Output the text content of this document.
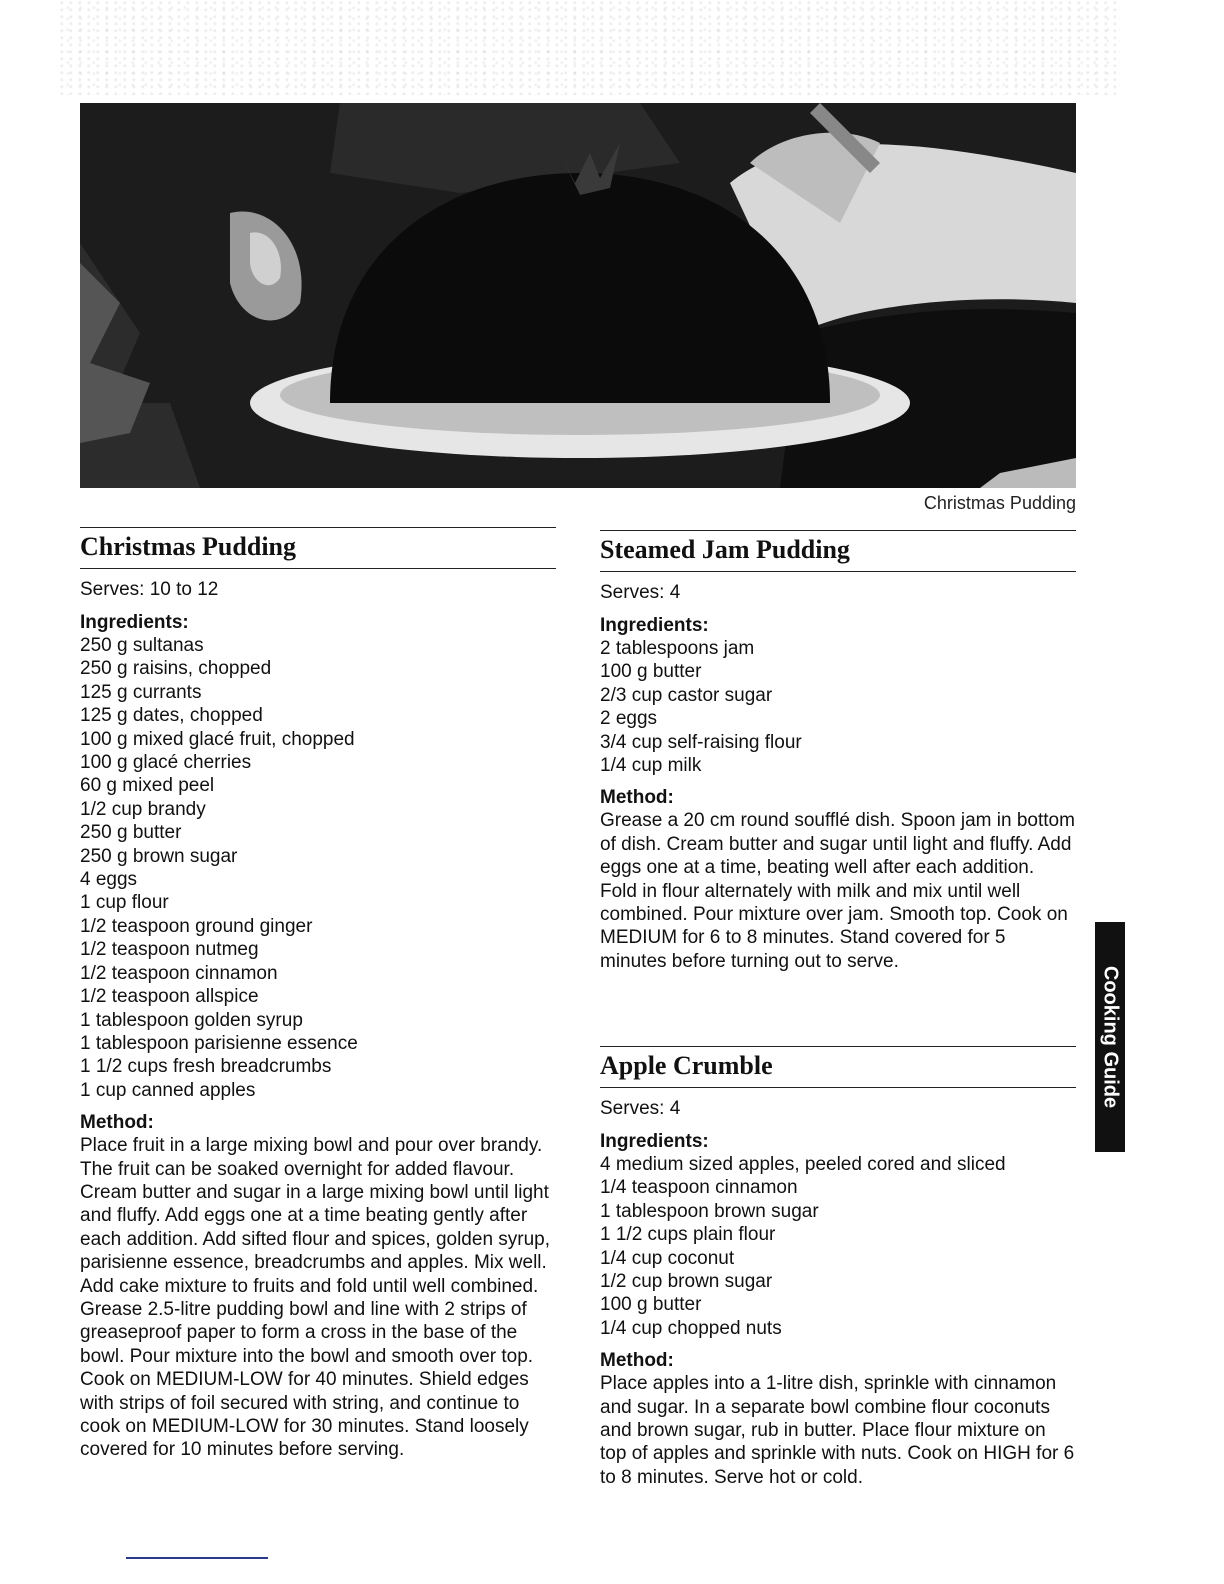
Christmas Pudding
Christmas Pudding
Serves: 10 to 12
Ingredients:
250 g sultanas
250 g raisins, chopped
125 g currants
125 g dates, chopped
100 g mixed glacé fruit, chopped
100 g glacé cherries
60 g mixed peel
1/2 cup brandy
250 g butter
250 g brown sugar
4 eggs
1 cup flour
1/2 teaspoon ground ginger
1/2 teaspoon nutmeg
1/2 teaspoon cinnamon
1/2 teaspoon allspice
1 tablespoon golden syrup
1 tablespoon parisienne essence
1 1/2 cups fresh breadcrumbs
1 cup canned apples
Method:

Place fruit in a large mixing bowl and pour over brandy. The fruit can be soaked overnight for added flavour. Cream butter and sugar in a large mixing bowl until light and fluffy. Add eggs one at a time beating gently after each addition. Add sifted flour and spices, golden syrup, parisienne essence, breadcrumbs and apples. Mix well. Add cake mixture to fruits and fold until well combined. Grease 2.5-litre pudding bowl and line with 2 strips of greaseproof paper to form a cross in the base of the bowl. Pour mixture into the bowl and smooth over top. Cook on MEDIUM-LOW for 40 minutes. Shield edges with strips of foil secured with string, and continue to cook on MEDIUM-LOW for 30 minutes. Stand loosely covered for 10 minutes before serving.

Steamed Jam Pudding
Serves: 4
Ingredients:
2 tablespoons jam
100 g butter
2/3 cup castor sugar
2 eggs
3/4 cup self-raising flour
1/4 cup milk
Method:

Grease a 20 cm round soufflé dish. Spoon jam in bottom of dish. Cream butter and sugar until light and fluffy. Add eggs one at a time, beating well after each addition. Fold in flour alternately with milk and mix until well combined. Pour mixture over jam. Smooth top. Cook on MEDIUM for 6 to 8 minutes. Stand covered for 5 minutes before turning out to serve.

Apple Crumble
Serves: 4
Ingredients:
4 medium sized apples, peeled cored and sliced
1/4 teaspoon cinnamon
1 tablespoon brown sugar
1 1/2 cups plain flour
1/4 cup coconut
1/2 cup brown sugar
100 g butter
1/4 cup chopped nuts
Method:

Place apples into a 1-litre dish, sprinkle with cinnamon and sugar. In a separate bowl combine flour coconuts and brown sugar, rub in butter. Place flour mixture on top of apples and sprinkle with nuts. Cook on HIGH for 6 to 8 minutes. Serve hot or cold.

Cooking Guide
